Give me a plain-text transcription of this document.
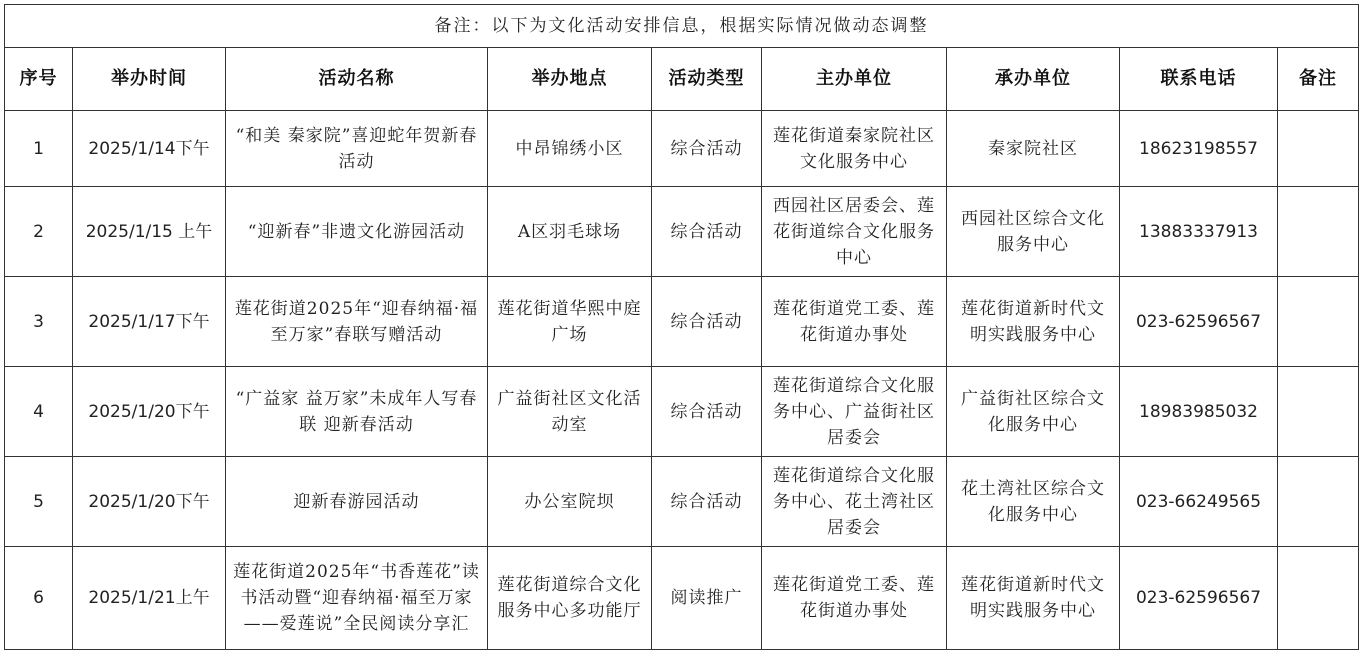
备注：以下为文化活动安排信息，根据实际情况做动态调整								
序号	举办时间	活动名称	举办地点	活动类型	主办单位	承办单位	联系电话	备注
1	2025/1/14下午	“和美 秦家院”喜迎蛇年贺新春活动	中昂锦绣小区	综合活动	莲花街道秦家院社区文化服务中心	秦家院社区	18623198557	
2	2025/1/15 上午	“迎新春”非遗文化游园活动	A区羽毛球场	综合活动	西园社区居委会、莲花街道综合文化服务中心	西园社区综合文化服务中心	13883337913	
3	2025/1/17下午	莲花街道2025年“迎春纳福·福至万家”春联写赠活动	莲花街道华熙中庭广场	综合活动	莲花街道党工委、莲花街道办事处	莲花街道新时代文明实践服务中心	023-62596567	
4	2025/1/20下午	“广益家 益万家”未成年人写春联 迎新春活动	广益街社区文化活动室	综合活动	莲花街道综合文化服务中心、广益街社区居委会	广益街社区综合文化服务中心	18983985032	
5	2025/1/20下午	迎新春游园活动	办公室院坝	综合活动	莲花街道综合文化服务中心、花土湾社区居委会	花土湾社区综合文化服务中心	023-66249565	
6	2025/1/21上午	莲花街道2025年“书香莲花”读书活动暨“迎春纳福·福至万家——爱莲说”全民阅读分享汇	莲花街道综合文化服务中心多功能厅	阅读推广	莲花街道党工委、莲花街道办事处	莲花街道新时代文明实践服务中心	023-62596567	
